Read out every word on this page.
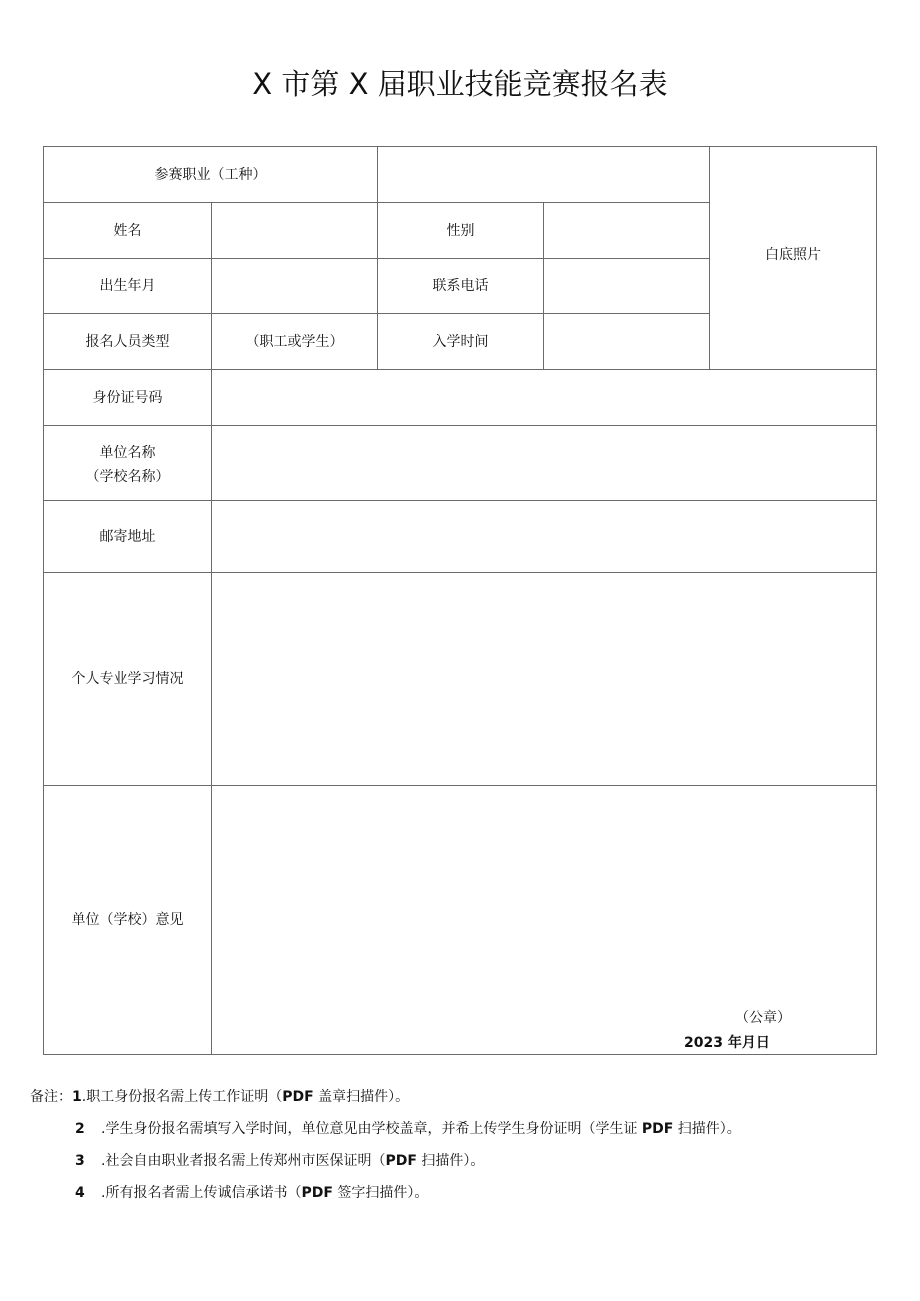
X 市第 X 届职业技能竞赛报名表
参赛职业（工种）				白底照片
姓名		性别		
出生年月		联系电话		
报名人员类型	（职工或学生）	入学时间		
身份证号码				

单位名称
（学校名称）				

邮寄地址				
个人专业学习情况				
单位（学校）意见	（公章）
2023 年月日			
备注：1.职工身份报名需上传工作证明（PDF 盖章扫描件）。
2 .学生身份报名需填写入学时间，单位意见由学校盖章，并希上传学生身份证明（学生证 PDF 扫描件）。
3 .社会自由职业者报名需上传郑州市医保证明（PDF 扫描件）。
4 .所有报名者需上传诚信承诺书（PDF 签字扫描件）。
